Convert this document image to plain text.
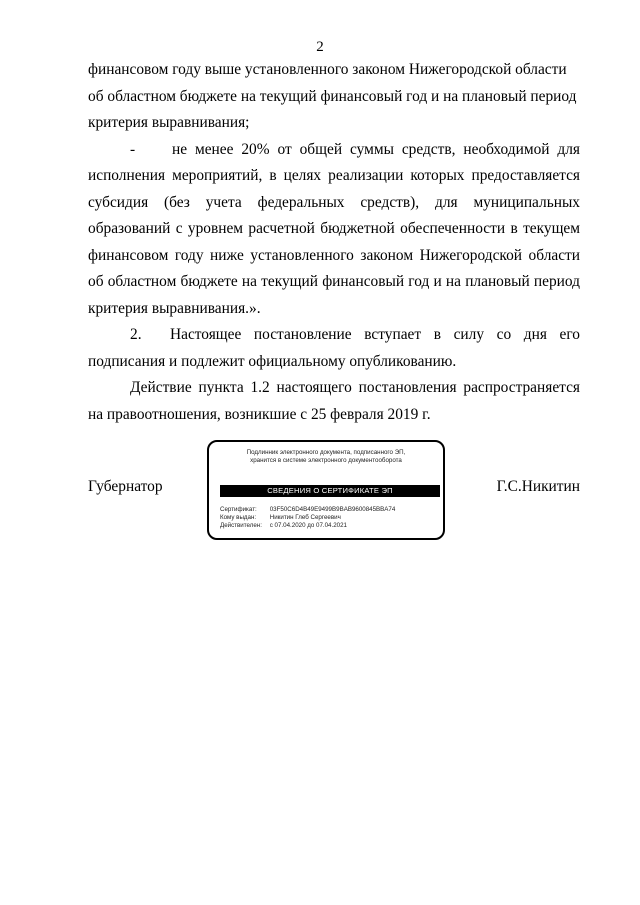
2

финансовом году выше установленного законом Нижегородской области
об областном бюджете на текущий финансовый год и на плановый период
критерия выравнивания;

- не менее 20% от общей суммы средств, необходимой для исполнения мероприятий, в целях реализации которых предоставляется субсидия (без учета федеральных средств), для муниципальных образований с уровнем расчетной бюджетной обеспеченности в текущем финансовом году ниже установленного законом Нижегородской области об областном бюджете на текущий финансовый год и на плановый период критерия выравнивания.».

2. Настоящее постановление вступает в силу со дня его подписания и подлежит официальному опубликованию.

Действие пункта 1.2 настоящего постановления распространяется на правоотношения, возникшие с 25 февраля 2019 г.

Губернатор
Подлинник электронного документа, подписанного ЭП,
хранится в системе электронного документооборота
СВЕДЕНИЯ О СЕРТИФИКАТЕ ЭП
Сертификат: 03F50C6D4B49E9499B9BAB9600845BBA74
Кому выдан: Никитин Глеб Сергеевич
Действителен: с 07.04.2020 до 07.04.2021
Г.С.Никитин
